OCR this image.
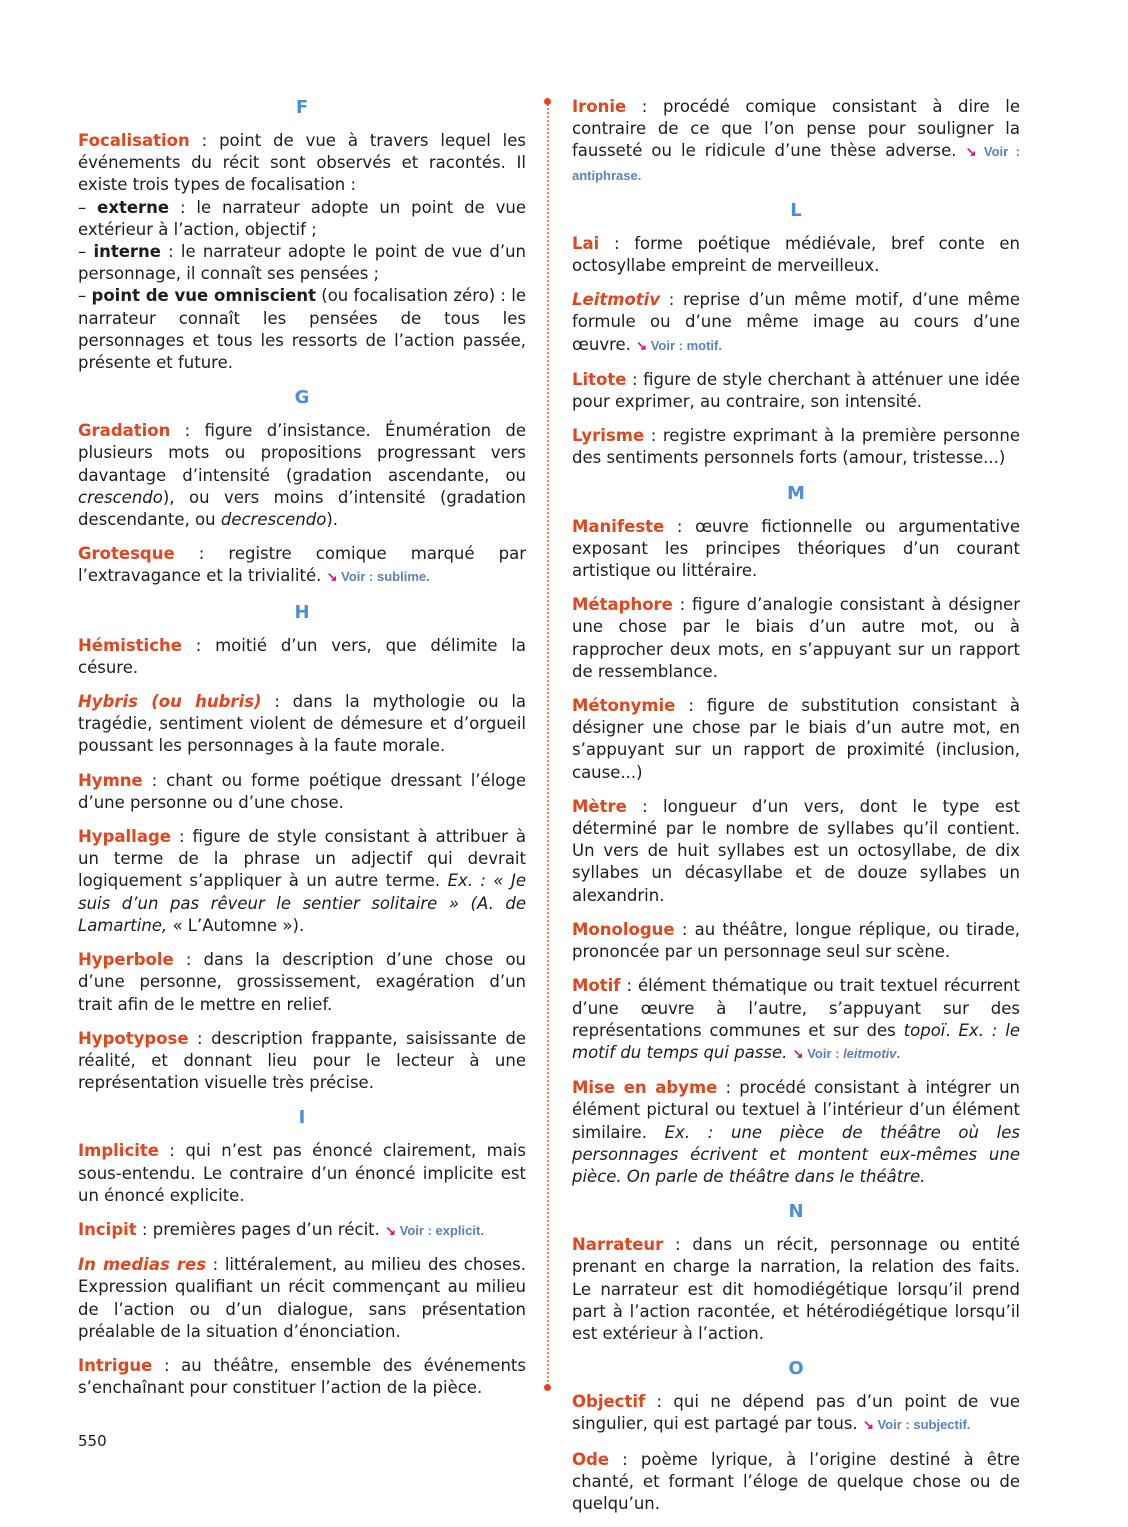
F
Focalisation : point de vue à travers lequel les événements du récit sont observés et racontés. Il existe trois types de focalisation :
– externe : le narrateur adopte un point de vue extérieur à l’action, objectif ;
– interne : le narrateur adopte le point de vue d’un personnage, il connaît ses pensées ;
– point de vue omniscient (ou focalisation zéro) : le narrateur connaît les pensées de tous les personnages et tous les ressorts de l’action passée, présente et future.
G
Gradation : figure d’insistance. Énumération de plusieurs mots ou propositions progressant vers davantage d’intensité (gradation ascendante, ou crescendo), ou vers moins d’intensité (gradation descendante, ou decrescendo).
Grotesque : registre comique marqué par l’extravagance et la trivialité. ↘ Voir : sublime.
H
Hémistiche : moitié d’un vers, que délimite la césure.
Hybris (ou hubris) : dans la mythologie ou la tragédie, sentiment violent de démesure et d’orgueil poussant les personnages à la faute morale.
Hymne : chant ou forme poétique dressant l’éloge d’une personne ou d’une chose.
Hypallage : figure de style consistant à attribuer à un terme de la phrase un adjectif qui devrait logiquement s’appliquer à un autre terme. Ex. : « Je suis d’un pas rêveur le sentier solitaire » (A. de Lamartine, « L’Automne »).
Hyperbole : dans la description d’une chose ou d’une personne, grossissement, exagération d’un trait afin de le mettre en relief.
Hypotypose : description frappante, saisissante de réalité, et donnant lieu pour le lecteur à une représentation visuelle très précise.
I
Implicite : qui n’est pas énoncé clairement, mais sous-entendu. Le contraire d’un énoncé implicite est un énoncé explicite.
Incipit : premières pages d’un récit. ↘ Voir : explicit.
In medias res : littéralement, au milieu des choses. Expression qualifiant un récit commençant au milieu de l’action ou d’un dialogue, sans présentation préalable de la situation d’énonciation.
Intrigue : au théâtre, ensemble des événements s’enchaînant pour constituer l’action de la pièce.
Ironie : procédé comique consistant à dire le contraire de ce que l’on pense pour souligner la fausseté ou le ridicule d’une thèse adverse. ↘ Voir : antiphrase.
L
Lai : forme poétique médiévale, bref conte en octosyllabe empreint de merveilleux.
Leitmotiv : reprise d’un même motif, d’une même formule ou d’une même image au cours d’une œuvre. ↘ Voir : motif.
Litote : figure de style cherchant à atténuer une idée pour exprimer, au contraire, son intensité.
Lyrisme : registre exprimant à la première personne des sentiments personnels forts (amour, tristesse...)
M
Manifeste : œuvre fictionnelle ou argumentative exposant les principes théoriques d’un courant artistique ou littéraire.
Métaphore : figure d’analogie consistant à désigner une chose par le biais d’un autre mot, ou à rapprocher deux mots, en s’appuyant sur un rapport de ressemblance.
Métonymie : figure de substitution consistant à désigner une chose par le biais d’un autre mot, en s’appuyant sur un rapport de proximité (inclusion, cause...)
Mètre : longueur d’un vers, dont le type est déterminé par le nombre de syllabes qu’il contient. Un vers de huit syllabes est un octosyllabe, de dix syllabes un décasyllabe et de douze syllabes un alexandrin.
Monologue : au théâtre, longue réplique, ou tirade, prononcée par un personnage seul sur scène.
Motif : élément thématique ou trait textuel récurrent d’une œuvre à l’autre, s’appuyant sur des représentations communes et sur des topoï. Ex. : le motif du temps qui passe. ↘ Voir : leitmotiv.
Mise en abyme : procédé consistant à intégrer un élément pictural ou textuel à l’intérieur d’un élément similaire. Ex. : une pièce de théâtre où les personnages écrivent et montent eux-mêmes une pièce. On parle de théâtre dans le théâtre.
N
Narrateur : dans un récit, personnage ou entité prenant en charge la narration, la relation des faits. Le narrateur est dit homodiégétique lorsqu’il prend part à l’action racontée, et hétérodiégétique lorsqu’il est extérieur à l’action.
O
Objectif : qui ne dépend pas d’un point de vue singulier, qui est partagé par tous. ↘ Voir : subjectif.
Ode : poème lyrique, à l’origine destiné à être chanté, et formant l’éloge de quelque chose ou de quelqu’un.
550
